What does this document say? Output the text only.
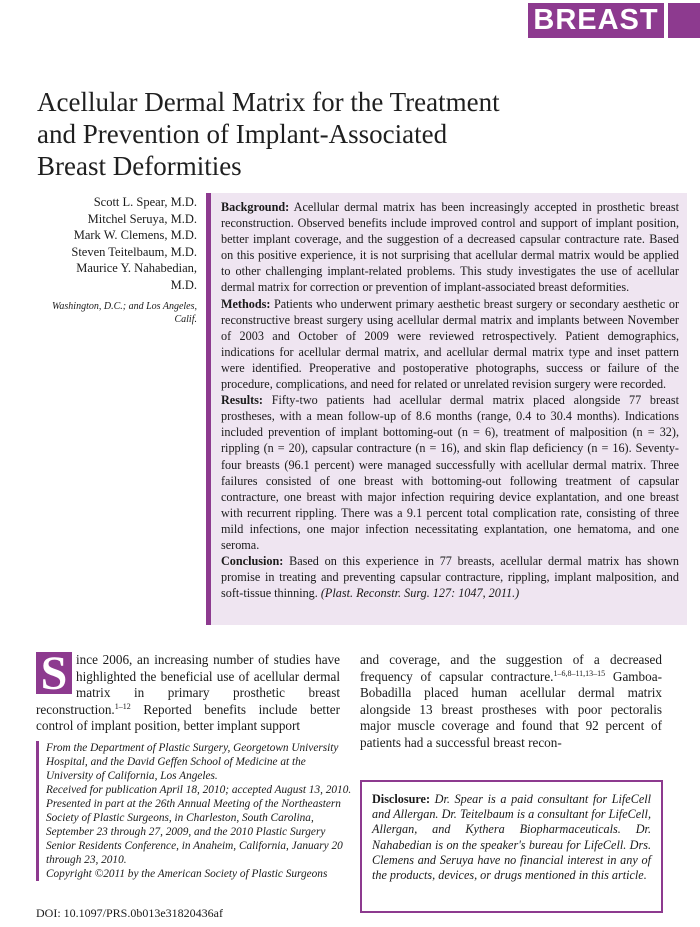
BREAST
Acellular Dermal Matrix for the Treatment
and Prevention of Implant-Associated
Breast Deformities
Scott L. Spear, M.D.
Mitchel Seruya, M.D.
Mark W. Clemens, M.D.
Steven Teitelbaum, M.D.
Maurice Y. Nahabedian,
M.D.
Washington, D.C.; and Los Angeles,
Calif.

Background: Acellular dermal matrix has been increasingly accepted in prosthetic breast reconstruction. Observed benefits include improved control and support of implant position, better implant coverage, and the suggestion of a decreased capsular contracture rate. Based on this positive experience, it is not surprising that acellular dermal matrix would be applied to other challenging implant-related problems. This study investigates the use of acellular dermal matrix for correction or prevention of implant-associated breast deformities.

Methods: Patients who underwent primary aesthetic breast surgery or secondary aesthetic or reconstructive breast surgery using acellular dermal matrix and implants between November of 2003 and October of 2009 were reviewed retrospectively. Patient demographics, indications for acellular dermal matrix, and acellular dermal matrix type and inset pattern were identified. Preoperative and postoperative photographs, success or failure of the procedure, complications, and need for related or unrelated revision surgery were recorded.

Results: Fifty-two patients had acellular dermal matrix placed alongside 77 breast prostheses, with a mean follow-up of 8.6 months (range, 0.4 to 30.4 months). Indications included prevention of implant bottoming-out (n = 6), treatment of malposition (n = 32), rippling (n = 20), capsular contracture (n = 16), and skin flap deficiency (n = 16). Seventy-four breasts (96.1 percent) were managed successfully with acellular dermal matrix. Three failures consisted of one breast with bottoming-out following treatment of capsular contracture, one breast with major infection requiring device explantation, and one breast with recurrent rippling. There was a 9.1 percent total complication rate, consisting of three mild infections, one major infection necessitating explantation, one hematoma, and one seroma.

Conclusion: Based on this experience in 77 breasts, acellular dermal matrix has shown promise in treating and preventing capsular contracture, rippling, implant malposition, and soft-tissue thinning. (Plast. Reconstr. Surg. 127: 1047, 2011.)

S ince 2006, an increasing number of studies have highlighted the beneficial use of acellular dermal matrix in primary prosthetic breast reconstruction.$^{1-12}$ Reported benefits include better control of implant position, better implant support

and coverage, and the suggestion of a decreased frequency of capsular contracture.$^{1-6,8-11,13-15}$ Gamboa-Bobadilla placed human acellular dermal matrix alongside 13 breast prostheses with poor pectoralis major muscle coverage and found that 92 percent of patients had a successful breast recon-

From the Department of Plastic Surgery, Georgetown University Hospital, and the David Geffen School of Medicine at the University of California, Los Angeles.
Received for publication April 18, 2010; accepted August 13, 2010.
Presented in part at the 26th Annual Meeting of the Northeastern Society of Plastic Surgeons, in Charleston, South Carolina, September 23 through 27, 2009, and the 2010 Plastic Surgery Senior Residents Conference, in Anaheim, California, January 20 through 23, 2010.
Copyright ©2011 by the American Society of Plastic Surgeons
DOI: 10.1097/PRS.0b013e31820436af
Disclosure: Dr. Spear is a paid consultant for LifeCell and Allergan. Dr. Teitelbaum is a consultant for LifeCell, Allergan, and Kythera Biopharmaceuticals. Dr. Nahabedian is on the speaker's bureau for LifeCell. Drs. Clemens and Seruya have no financial interest in any of the products, devices, or drugs mentioned in this article.
